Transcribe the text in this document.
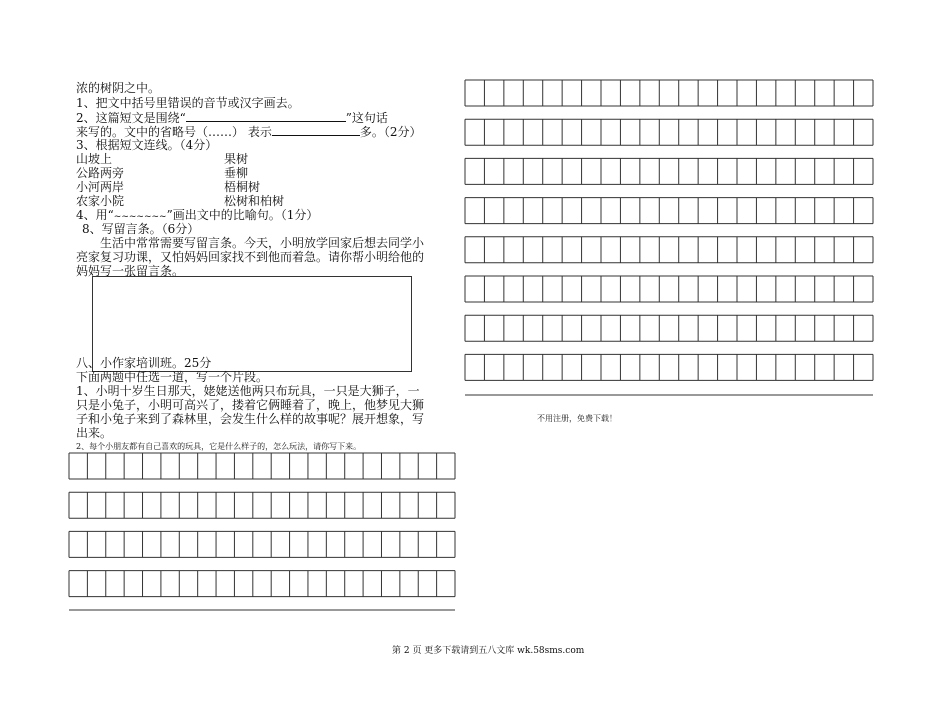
浓的树阴之中。
1、把文中括号里错误的音节或汉字画去。
2、这篇短文是围绕“	”这句话
来写的。文中的省略号（……） 表示	多。（2分）
3、根据短文连线。（4分）
山坡上
公路两旁
小河两岸
农家小院
果树
垂柳
梧桐树
松树和柏树
4、用“~~~~~~~”画出文中的比喻句。（1分）
8、写留言条。（6分）
生活中常常需要写留言条。今天，小明放学回家后想去同学小
亮家复习功课，又怕妈妈回家找不到他而着急。请你帮小明给他的
妈妈写一张留言条。
八、小作家培训班。25分
下面两题中任选一道，写一个片段。
1、小明十岁生日那天，姥姥送他两只布玩具，一只是大狮子，一
只是小兔子，小明可高兴了，搂着它俩睡着了，晚上，他梦见大狮
子和小兔子来到了森林里，会发生什么样的故事呢？展开想象，写
出来。
2、每个小朋友都有自己喜欢的玩具，它是什么样子的，怎么玩法，请你写下来。
不用注册，免费下载！
第 2 页 更多下载请到五八文库 wk.58sms.com
